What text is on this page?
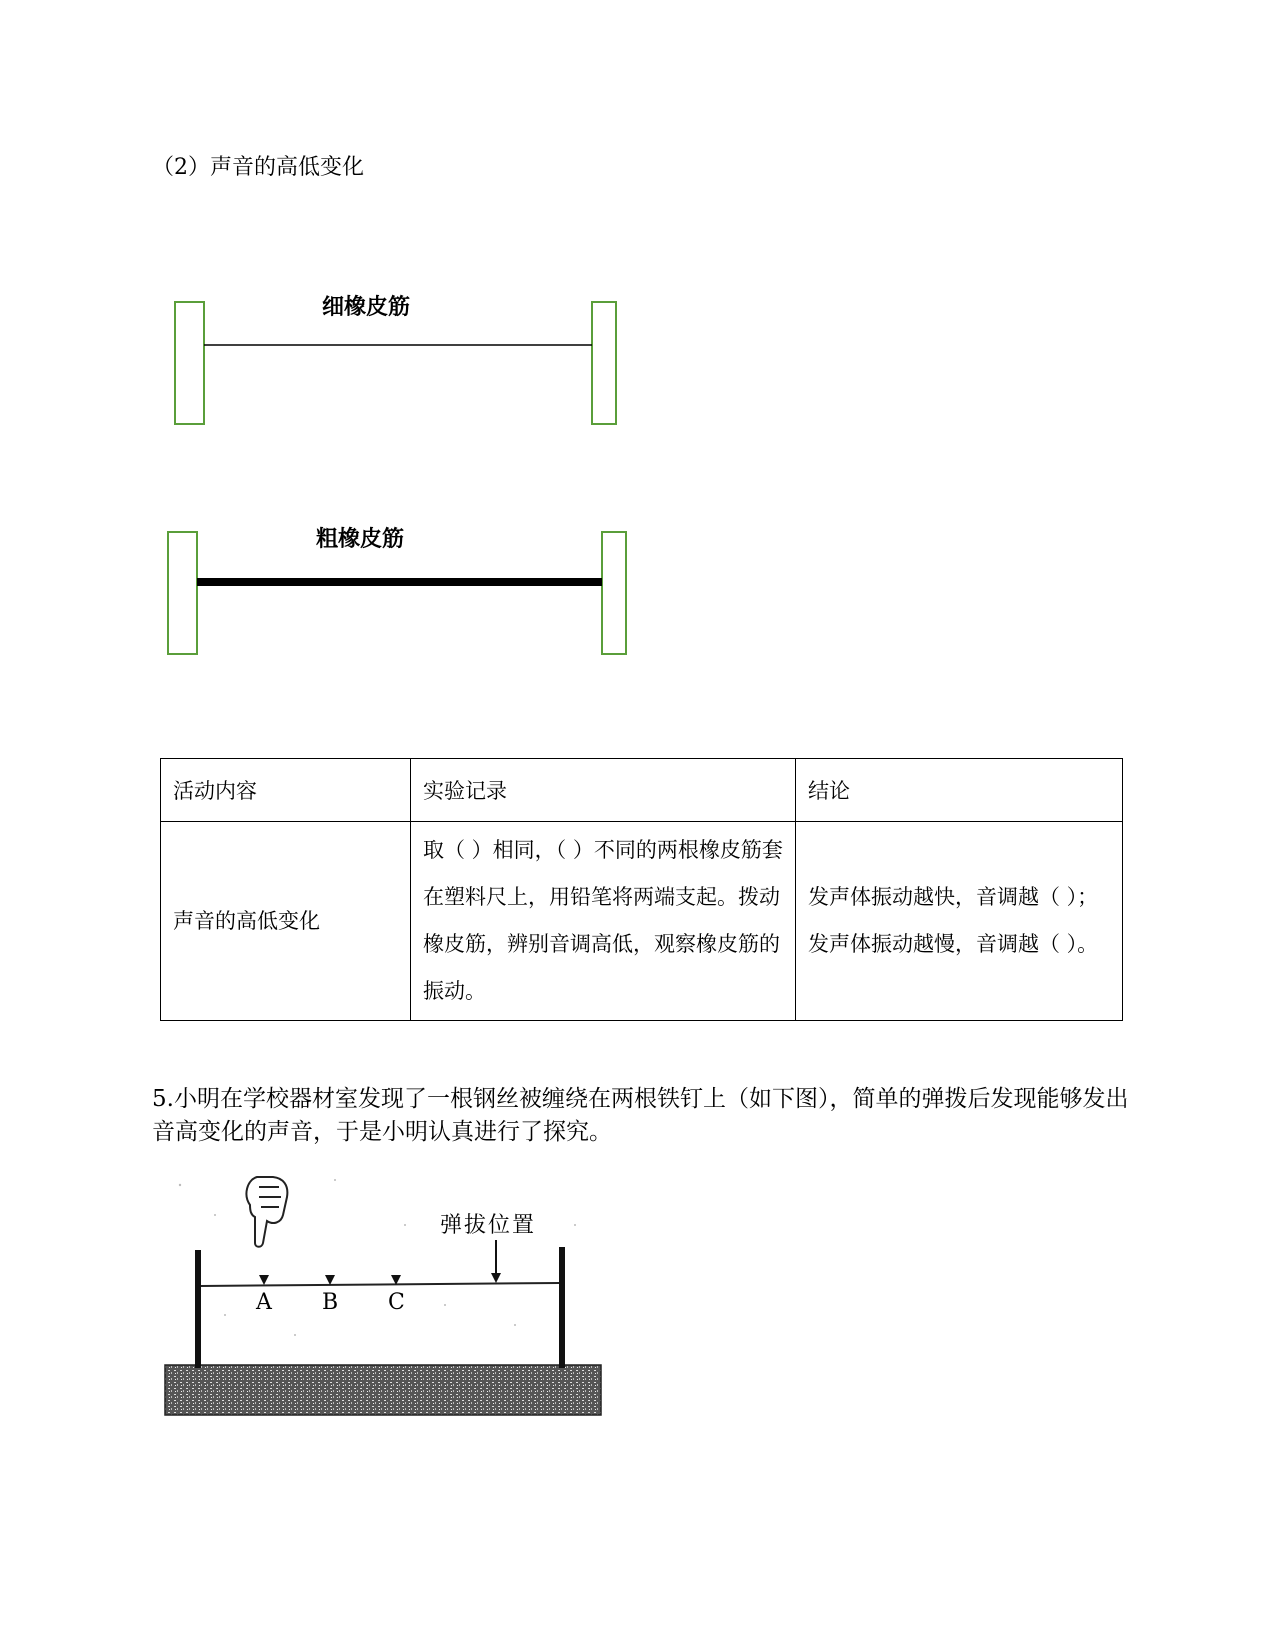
（2）声音的高低变化
细橡皮筋
粗橡皮筋
活动内容	实验记录	结论
声音的高低变化	取（ ）相同，（ ）不同的两根橡皮筋套在塑料尺上，用铅笔将两端支起。拨动橡皮筋，辨别音调高低，观察橡皮筋的振动。	发声体振动越快，音调越（ ）；发声体振动越慢，音调越（ ）。
5.小明在学校器材室发现了一根钢丝被缠绕在两根铁钉上（如下图），简单的弹拨后发现能够发出音高变化的声音，于是小明认真进行了探究。
弹拔位置
A B C
